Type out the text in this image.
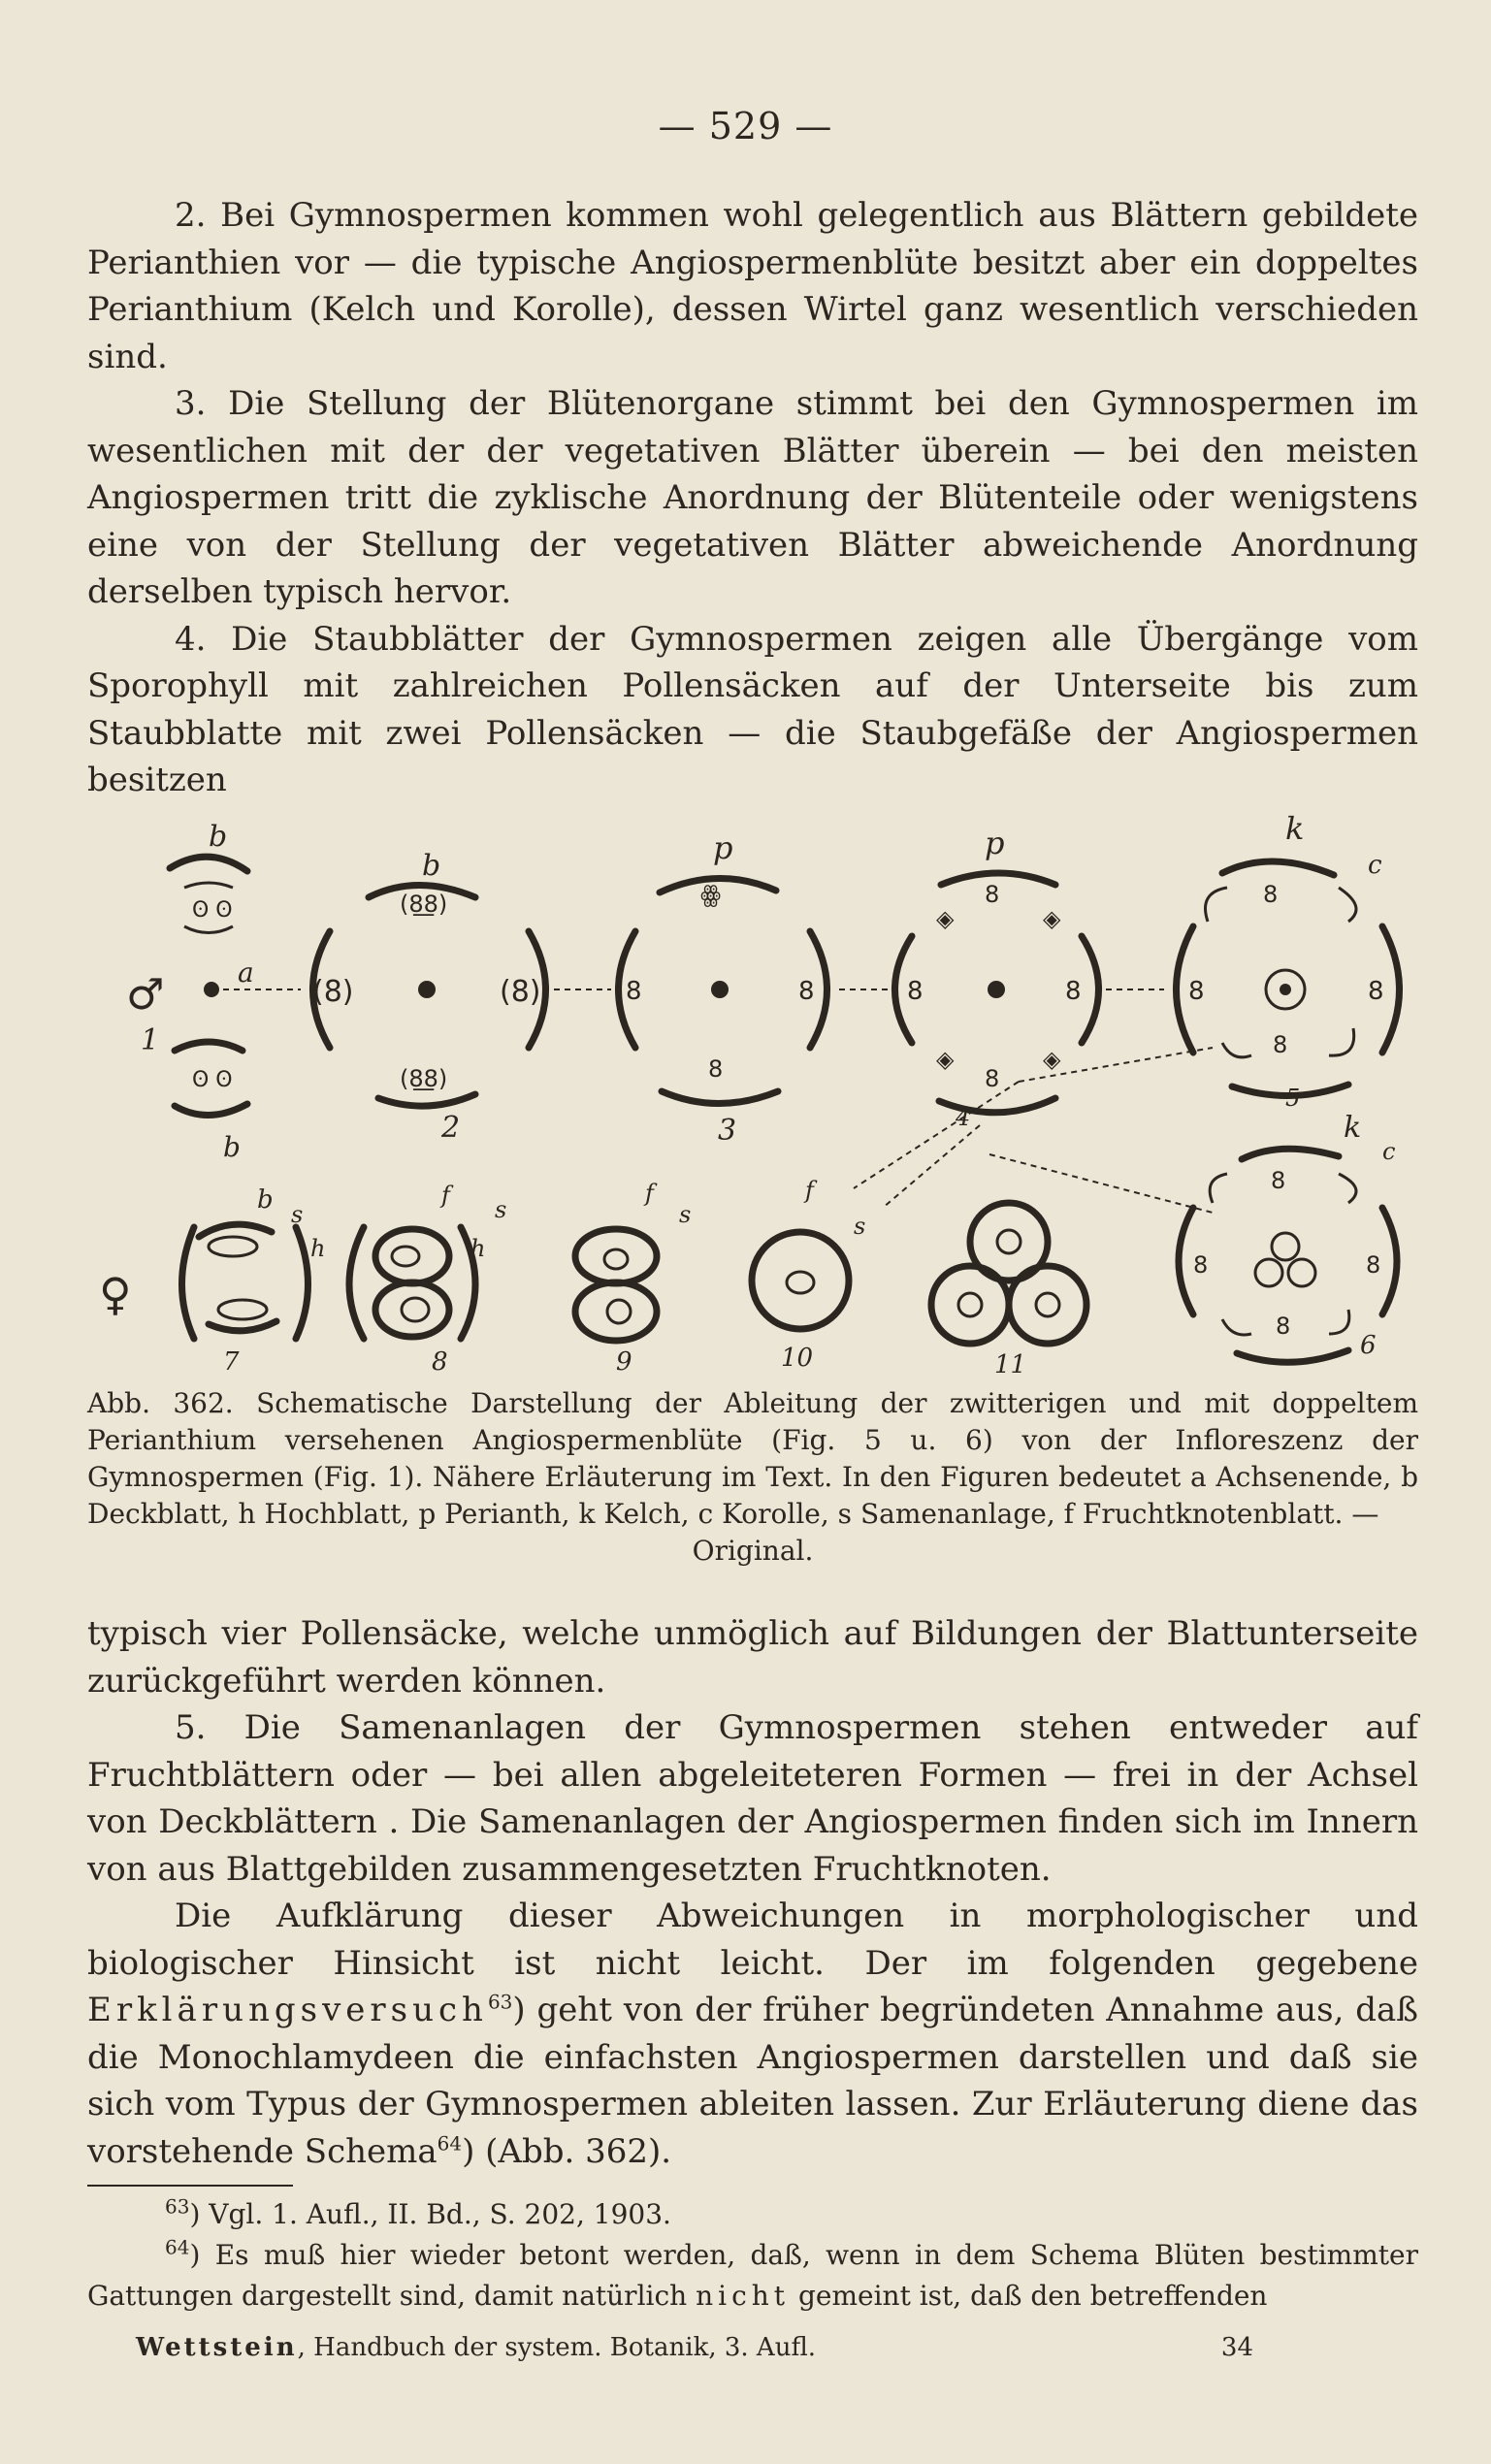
— 529 —

2. Bei Gymnospermen kommen wohl gelegentlich aus Blättern gebildete Perianthien vor — die typische Angiospermenblüte besitzt aber ein doppeltes Perianthium (Kelch und Korolle), dessen Wirtel ganz wesentlich verschieden sind.

3. Die Stellung der Blütenorgane stimmt bei den Gymnospermen im wesentlichen mit der der vegetativen Blätter überein — bei den meisten Angiospermen tritt die zyklische Anordnung der Blütenteile oder wenigstens eine von der Stellung der vegetativen Blätter abweichende Anordnung derselben typisch hervor.

4. Die Staubblätter der Gymnospermen zeigen alle Übergänge vom Sporophyll mit zahlreichen Pollensäcken auf der Unterseite bis zum Staubblatte mit zwei Pollensäcken — die Staubgefäße der Angiospermen besitzen

ʘ ʘ
ʘ ʘ
b
a
♂
1
b
(8͟8)
(8)	(8)
(8͟8)
b
2
ꙮ
8	8
8
p
3
8
◈	◈
8	8
◈	◈
8
p
4
8
8	8
8
k
c
5
b s
h
♀
7
f
s
h
8
f
s
9
f
s
10	11
8
8	8
8
k
c
6
Abb. 362. Schematische Darstellung der Ableitung der zwitterigen und mit doppeltem Perianthium versehenen Angiospermenblüte (Fig. 5 u. 6) von der Infloreszenz der Gymnospermen (Fig. 1). Nähere Erläuterung im Text. In den Figuren bedeutet a Achsenende, b Deckblatt, h Hochblatt, p Perianth, k Kelch, c Korolle, s Samenanlage, f Fruchtknotenblatt. —
Original.

typisch vier Pollensäcke, welche unmöglich auf Bildungen der Blattunterseite zurückgeführt werden können.

5. Die Samenanlagen der Gymnospermen stehen entweder auf Fruchtblättern oder — bei allen abgeleiteteren Formen — frei in der Achsel von Deckblättern . Die Samenanlagen der Angiospermen finden sich im Innern von aus Blattgebilden zusammengesetzten Fruchtknoten.

Die Aufklärung dieser Abweichungen in morphologischer und biologischer Hinsicht ist nicht leicht. Der im folgenden gegebene Erklärungsversuch$^{63}$) geht von der früher begründeten Annahme aus, daß die Monochlamydeen die einfachsten Angiospermen darstellen und daß sie sich vom Typus der Gymnospermen ableiten lassen. Zur Erläuterung diene das vorstehende Schema$^{64}$) (Abb. 362).

$^{63}$) Vgl. 1. Aufl., II. Bd., S. 202, 1903.

$^{64}$) Es muß hier wieder betont werden, daß, wenn in dem Schema Blüten bestimmter Gattungen dargestellt sind, damit natürlich nicht gemeint ist, daß den betreffenden

Wettstein, Handbuch der system. Botanik, 3. Aufl.	34
